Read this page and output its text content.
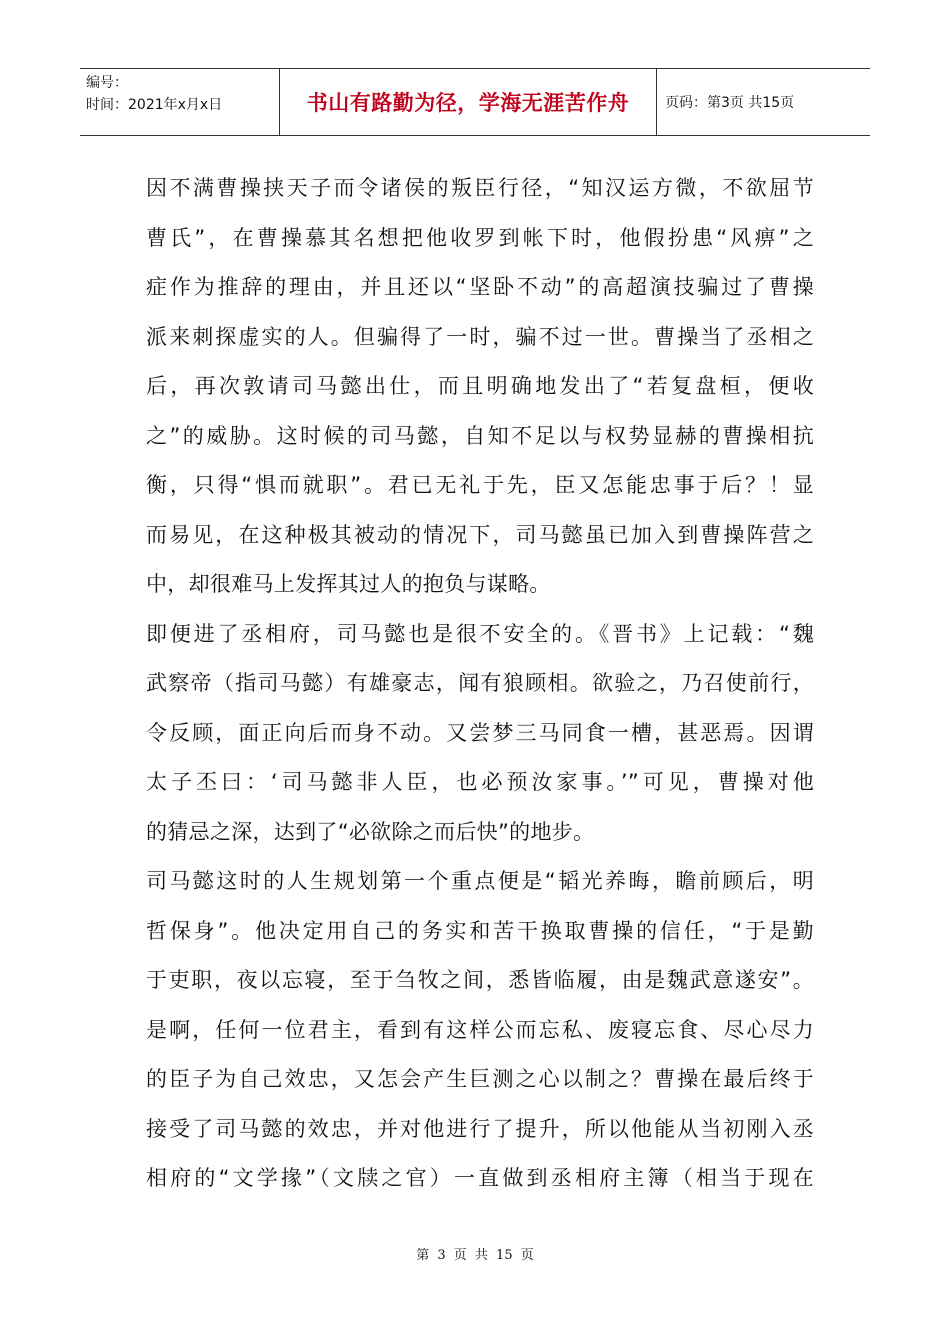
编号：
时间：2021年x月x日	书山有路勤为径，学海无涯苦作舟	页码：第3页 共15页
因不满曹操挟天子而令诸侯的叛臣行径，“知汉运方微，不欲屈节
曹氏”，在曹操慕其名想把他收罗到帐下时，他假扮患“风痹”之
症作为推辞的理由，并且还以“坚卧不动”的高超演技骗过了曹操
派来刺探虚实的人。但骗得了一时，骗不过一世。曹操当了丞相之
后，再次敦请司马懿出仕，而且明确地发出了“若复盘桓，便收
之”的威胁。这时候的司马懿，自知不足以与权势显赫的曹操相抗
衡，只得“惧而就职”。君已无礼于先，臣又怎能忠事于后？！显
而易见，在这种极其被动的情况下，司马懿虽已加入到曹操阵营之
中，却很难马上发挥其过人的抱负与谋略。
即便进了丞相府，司马懿也是很不安全的。《晋书》上记载：“魏
武察帝（指司马懿）有雄豪志，闻有狼顾相。欲验之，乃召使前行，
令反顾，面正向后而身不动。又尝梦三马同食一槽，甚恶焉。因谓
太子丕曰：‘司马懿非人臣，也必预汝家事。’”可见，曹操对他
的猜忌之深，达到了“必欲除之而后快”的地步。
司马懿这时的人生规划第一个重点便是“韬光养晦，瞻前顾后，明
哲保身”。他决定用自己的务实和苦干换取曹操的信任，“于是勤
于吏职，夜以忘寝，至于刍牧之间，悉皆临履，由是魏武意遂安”。
是啊，任何一位君主，看到有这样公而忘私、废寝忘食、尽心尽力
的臣子为自己效忠，又怎会产生巨测之心以制之？曹操在最后终于
接受了司马懿的效忠，并对他进行了提升，所以他能从当初刚入丞
相府的“文学掾”（文牍之官）一直做到丞相府主簿（相当于现在
第 3 页 共 15 页
